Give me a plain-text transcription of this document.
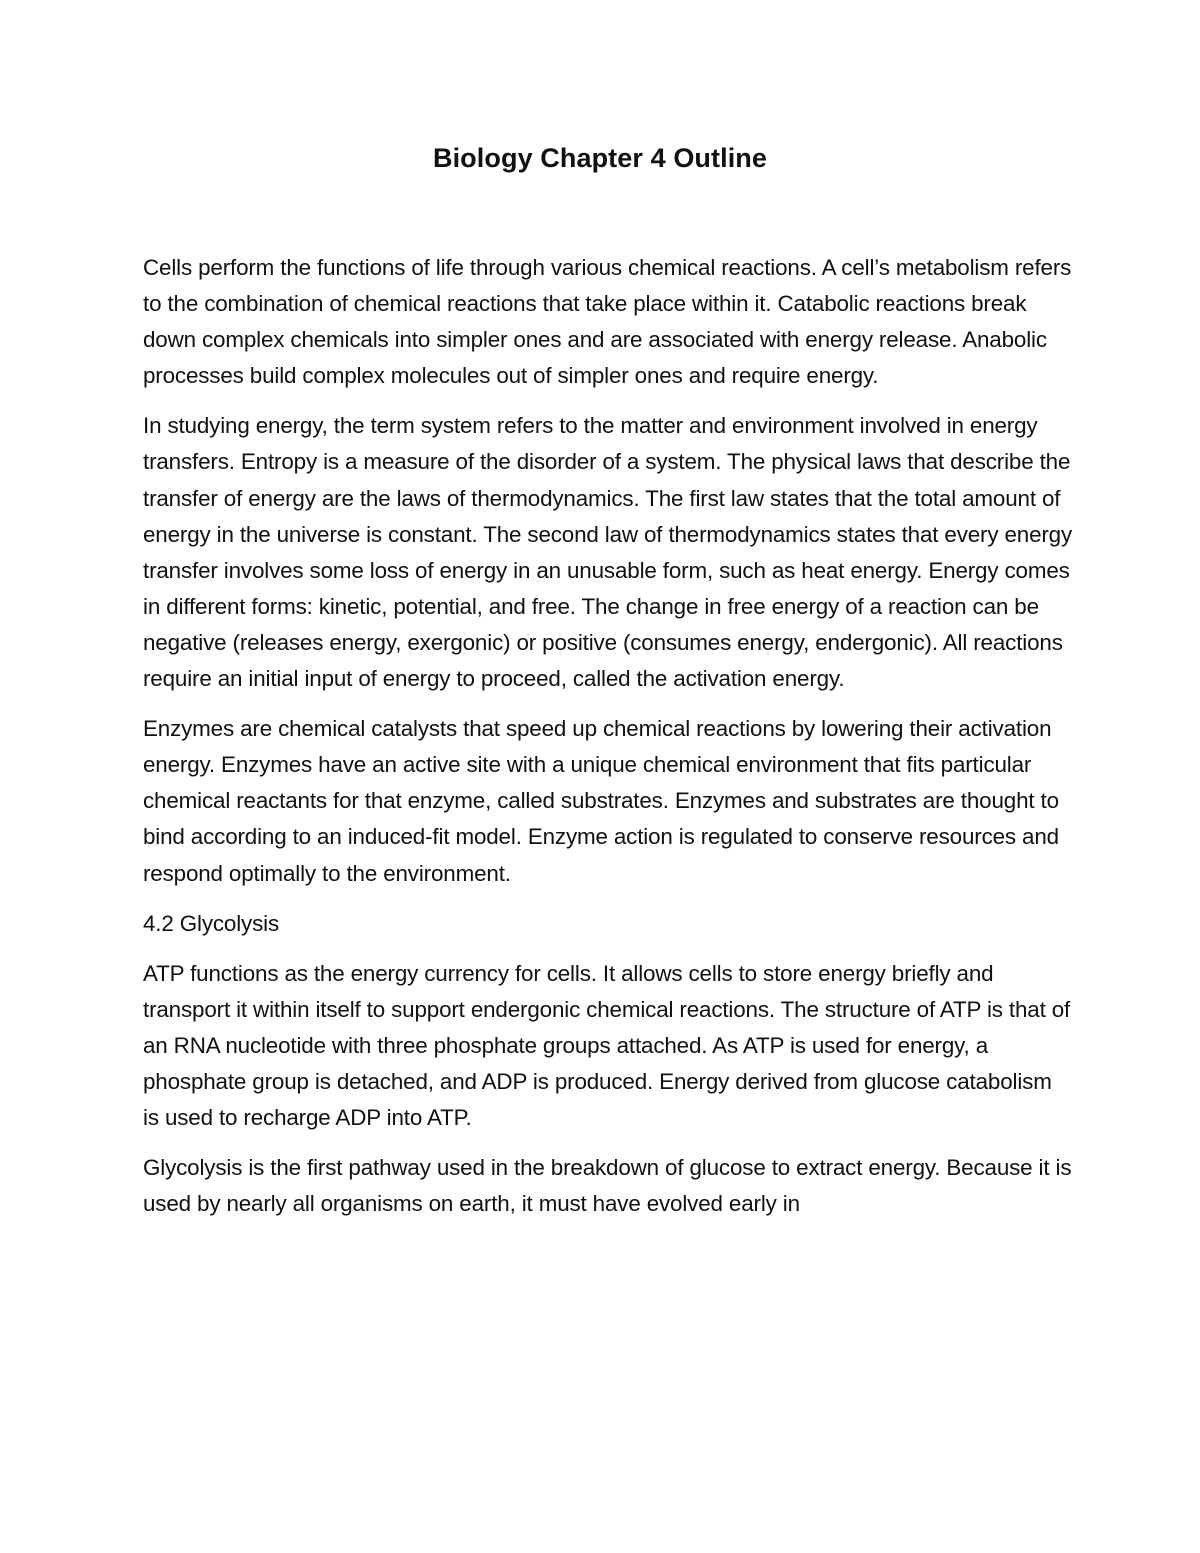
Biology Chapter 4 Outline

Cells perform the functions of life through various chemical reactions. A cell’s metabolism refers to the combination of chemical reactions that take place within it. Catabolic reactions break down complex chemicals into simpler ones and are associated with energy release. Anabolic processes build complex molecules out of simpler ones and require energy.

In studying energy, the term system refers to the matter and environment involved in energy transfers. Entropy is a measure of the disorder of a system. The physical laws that describe the transfer of energy are the laws of thermodynamics. The first law states that the total amount of energy in the universe is constant. The second law of thermodynamics states that every energy transfer involves some loss of energy in an unusable form, such as heat energy. Energy comes in different forms: kinetic, potential, and free. The change in free energy of a reaction can be negative (releases energy, exergonic) or positive (consumes energy, endergonic). All reactions require an initial input of energy to proceed, called the activation energy.

Enzymes are chemical catalysts that speed up chemical reactions by lowering their activation energy. Enzymes have an active site with a unique chemical environment that fits particular chemical reactants for that enzyme, called substrates. Enzymes and substrates are thought to bind according to an induced-fit model. Enzyme action is regulated to conserve resources and respond optimally to the environment.

4.2 Glycolysis

ATP functions as the energy currency for cells. It allows cells to store energy briefly and transport it within itself to support endergonic chemical reactions. The structure of ATP is that of an RNA nucleotide with three phosphate groups attached. As ATP is used for energy, a phosphate group is detached, and ADP is produced. Energy derived from glucose catabolism is used to recharge ADP into ATP.

Glycolysis is the first pathway used in the breakdown of glucose to extract energy. Because it is used by nearly all organisms on earth, it must have evolved early in
